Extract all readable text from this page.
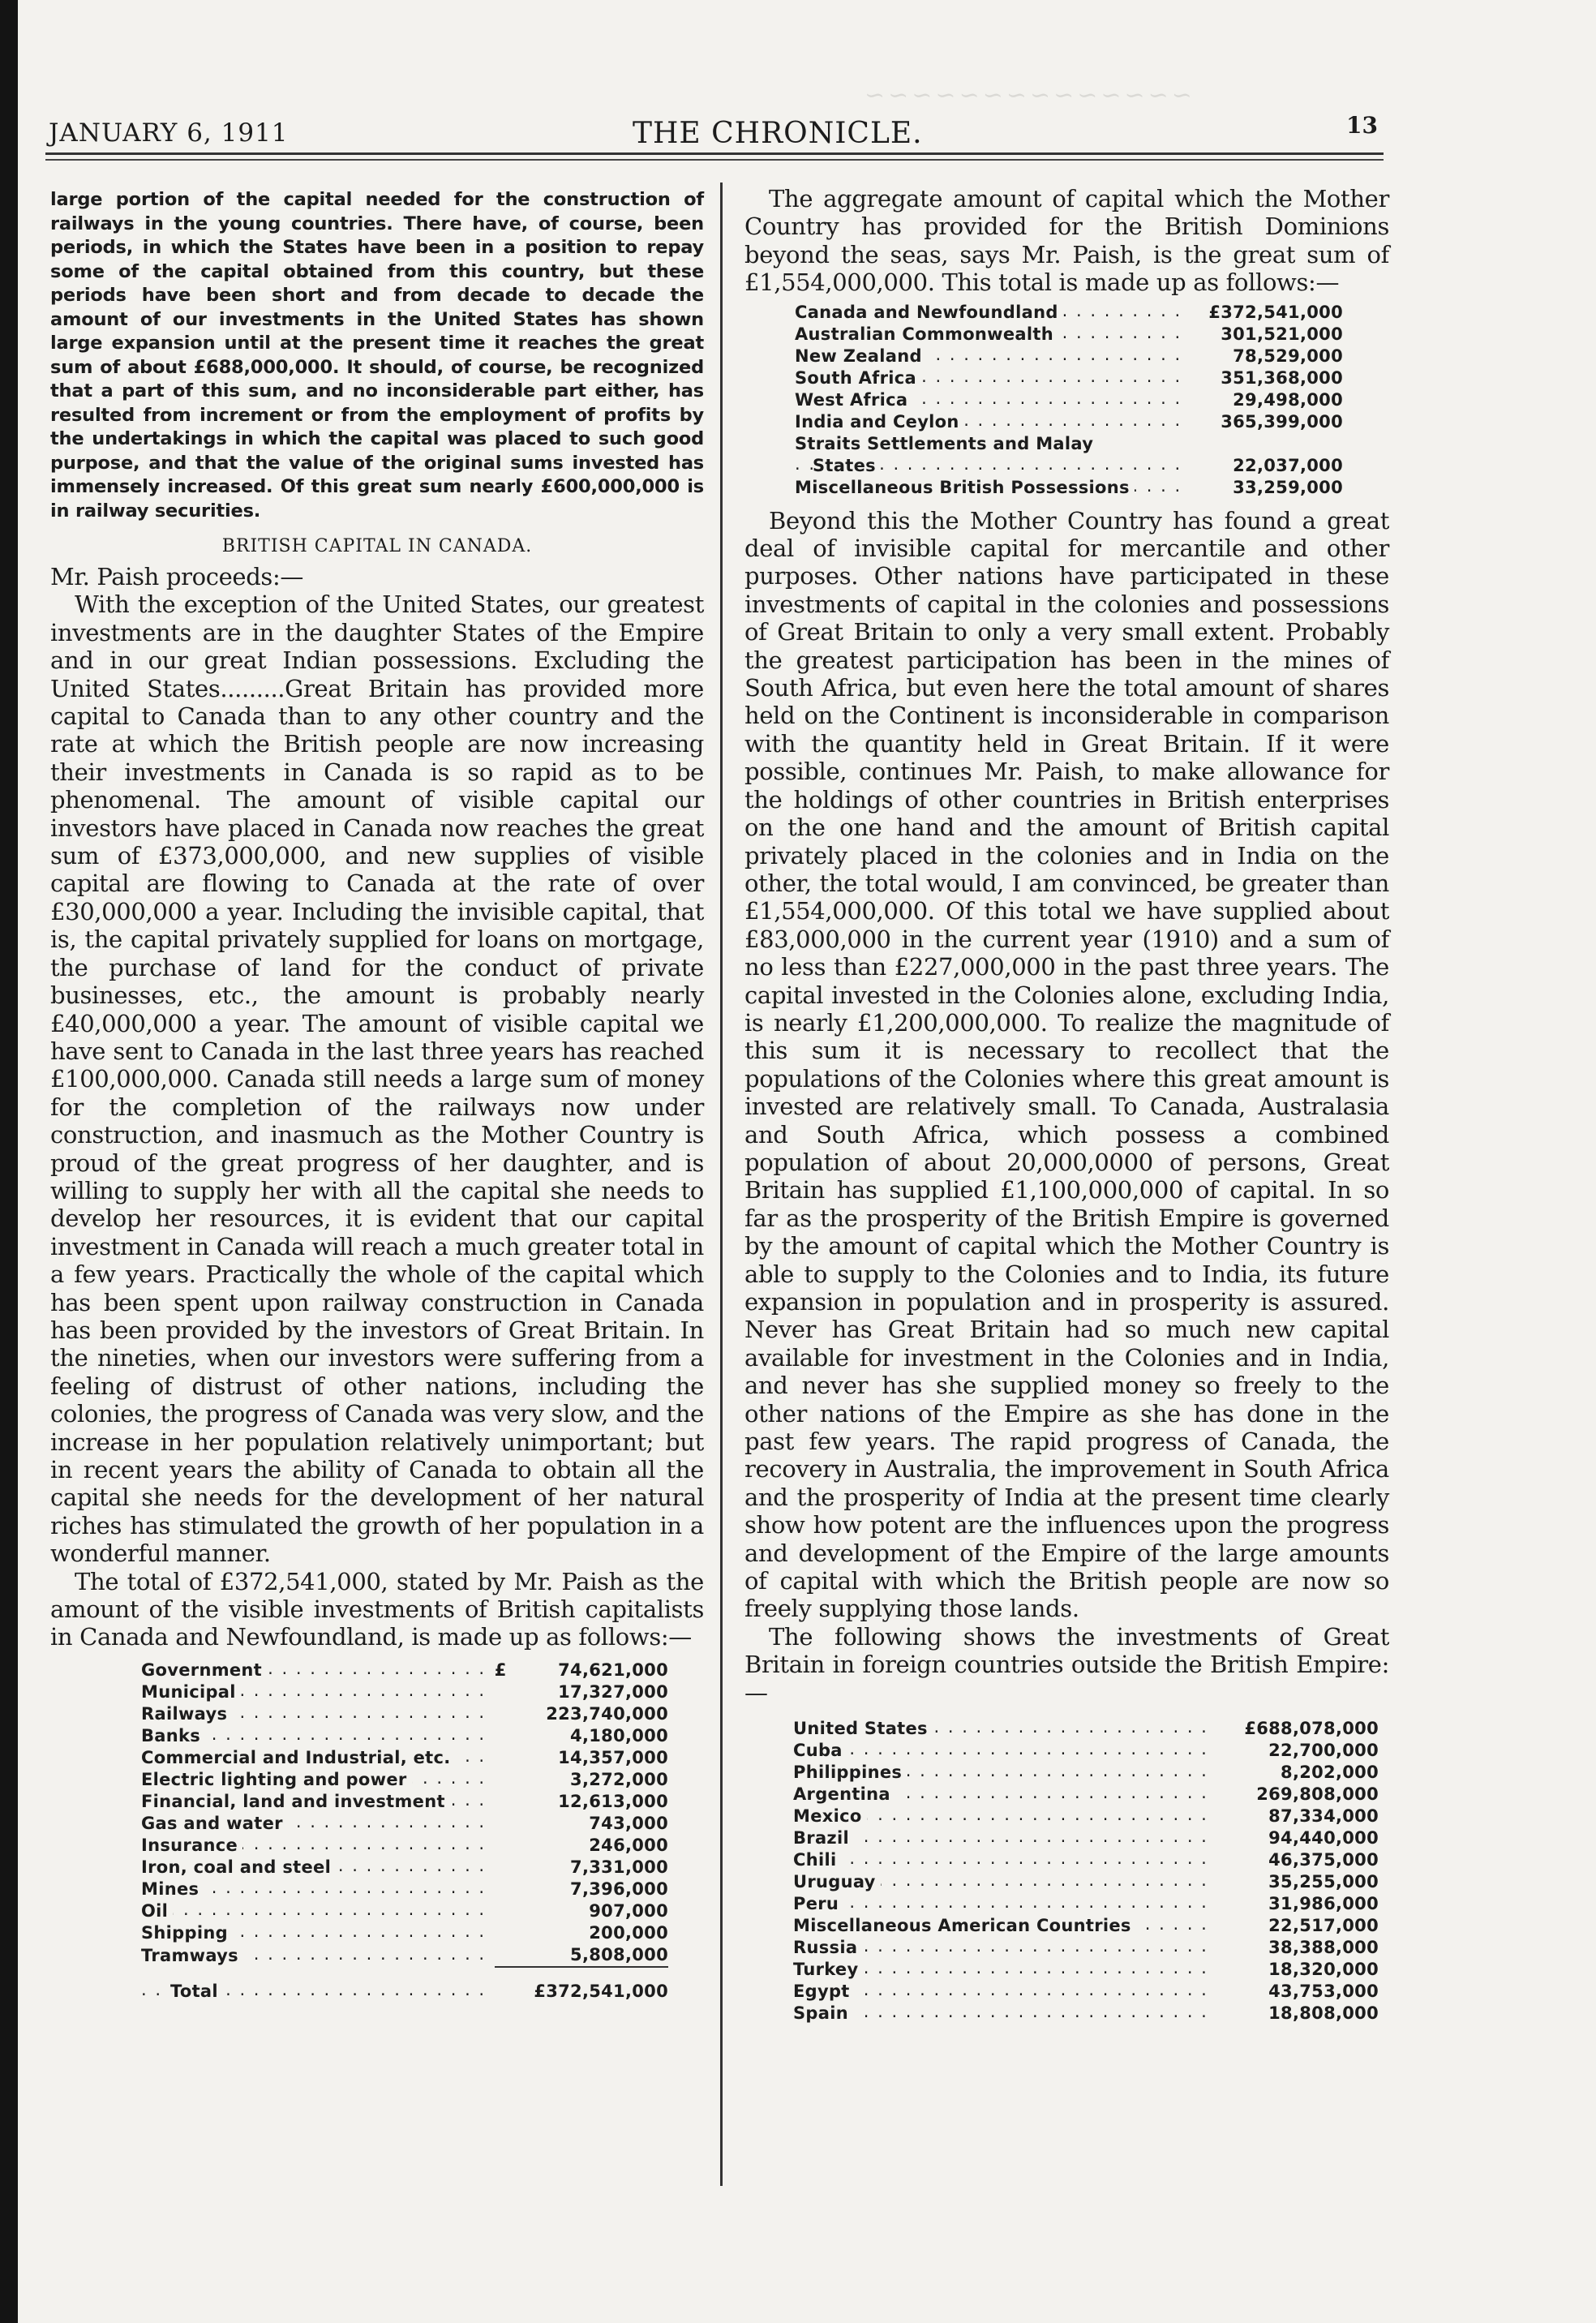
~~~~~~~~~~~~~~
JANUARY 6, 1911	THE CHRONICLE.	13

large portion of the capital needed for the construction of railways in the young countries. There have, of course, been periods, in which the States have been in a position to repay some of the capital obtained from this country, but these periods have been short and from decade to decade the amount of our investments in the United States has shown large expansion until at the present time it reaches the great sum of about £688,000,000. It should, of course, be recognized that a part of this sum, and no inconsiderable part either, has resulted from increment or from the employment of profits by the undertakings in which the capital was placed to such good purpose, and that the value of the original sums invested has immensely increased. Of this great sum nearly £600,000,000 is in railway securities.

BRITISH CAPITAL IN CANADA.

Mr. Paish proceeds:—

With the exception of the United States, our greatest investments are in the daughter States of the Empire and in our great Indian possessions. Excluding the United States.........Great Britain has provided more capital to Canada than to any other country and the rate at which the British people are now increasing their investments in Canada is so rapid as to be phenomenal. The amount of visible capital our investors have placed in Canada now reaches the great sum of £373,000,000, and new supplies of visible capital are flowing to Canada at the rate of over £30,000,000 a year. Including the invisible capital, that is, the capital privately supplied for loans on mortgage, the purchase of land for the conduct of private businesses, etc., the amount is probably nearly £40,000,000 a year. The amount of visible capital we have sent to Canada in the last three years has reached £100,000,000. Canada still needs a large sum of money for the completion of the railways now under construction, and inasmuch as the Mother Country is proud of the great progress of her daughter, and is willing to supply her with all the capital she needs to develop her resources, it is evident that our capital investment in Canada will reach a much greater total in a few years. Practically the whole of the capital which has been spent upon railway construction in Canada has been provided by the investors of Great Britain. In the nineties, when our investors were suffering from a feeling of distrust of other nations, including the colonies, the progress of Canada was very slow, and the increase in her population relatively unimportant; but in recent years the ability of Canada to obtain all the capital she needs for the development of her natural riches has stimulated the growth of her population in a wonderful manner.

The total of £372,541,000, stated by Mr. Paish as the amount of the visible investments of British capitalists in Canada and Newfoundland, is made up as follows:—

Government . . .	£	74,621,000
Municipal . . .		17,327,000
Railways . . .		223,740,000
Banks . . .		4,180,000
Commercial and Industrial, etc. . . .		14,357,000
Electric lighting and power . . .		3,272,000
Financial, land and investment . . .		12,613,000
Gas and water . . .		743,000
Insurance . . .		246,000
Iron, coal and steel . . .		7,331,000
Mines . . .		7,396,000
Oil . . .		907,000
Shipping . . .		200,000
Tramways . . .		5,808,000
Total . . .		£372,541,000

The aggregate amount of capital which the Mother Country has provided for the British Dominions beyond the seas, says Mr. Paish, is the great sum of £1,554,000,000. This total is made up as follows:—

Canada and Newfoundland . . .	£372,541,000
Australian Commonwealth . . .	301,521,000
New Zealand . . .	78,529,000
South Africa . . .	351,368,000
West Africa . . .	29,498,000
India and Ceylon . . .	365,399,000
Straits Settlements and Malay	
States . . .	22,037,000
Miscellaneous British Possessions . . .	33,259,000

Beyond this the Mother Country has found a great deal of invisible capital for mercantile and other purposes. Other nations have participated in these investments of capital in the colonies and possessions of Great Britain to only a very small extent. Probably the greatest participation has been in the mines of South Africa, but even here the total amount of shares held on the Continent is inconsiderable in comparison with the quantity held in Great Britain. If it were possible, continues Mr. Paish, to make allowance for the holdings of other countries in British enterprises on the one hand and the amount of British capital privately placed in the colonies and in India on the other, the total would, I am convinced, be greater than £1,554,000,000. Of this total we have supplied about £83,000,000 in the current year (1910) and a sum of no less than £227,000,000 in the past three years. The capital invested in the Colonies alone, excluding India, is nearly £1,200,000,000. To realize the magnitude of this sum it is necessary to recollect that the populations of the Colonies where this great amount is invested are relatively small. To Canada, Australasia and South Africa, which possess a combined population of about 20,000,0000 of persons, Great Britain has supplied £1,100,000,000 of capital. In so far as the prosperity of the British Empire is governed by the amount of capital which the Mother Country is able to supply to the Colonies and to India, its future expansion in population and in prosperity is assured. Never has Great Britain had so much new capital available for investment in the Colonies and in India, and never has she supplied money so freely to the other nations of the Empire as she has done in the past few years. The rapid progress of Canada, the recovery in Australia, the improvement in South Africa and the prosperity of India at the present time clearly show how potent are the influences upon the progress and development of the Empire of the large amounts of capital with which the British people are now so freely supplying those lands.

The following shows the investments of Great Britain in foreign countries outside the British Empire:—

United States . . .	£688,078,000
Cuba . . .	22,700,000
Philippines . . .	8,202,000
Argentina . . .	269,808,000
Mexico . . .	87,334,000
Brazil . . .	94,440,000
Chili . . .	46,375,000
Uruguay . . .	35,255,000
Peru . . .	31,986,000
Miscellaneous American Countries . . .	22,517,000
Russia . . .	38,388,000
Turkey . . .	18,320,000
Egypt . . .	43,753,000
Spain . . .	18,808,000
